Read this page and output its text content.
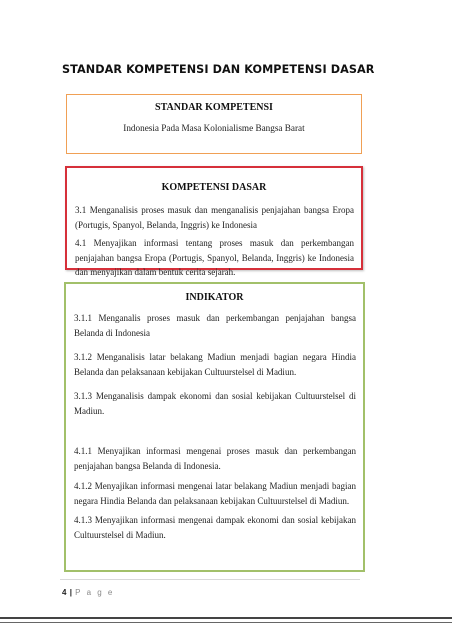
STANDAR KOMPETENSI DAN KOMPETENSI DASAR
STANDAR KOMPETENSI
Indonesia Pada Masa Kolonialisme Bangsa Barat
KOMPETENSI DASAR
3.1 Menganalisis proses masuk dan menganalisis penjajahan bangsa Eropa (Portugis, Spanyol, Belanda, Inggris) ke Indonesia
4.1 Menyajikan informasi tentang proses masuk dan perkembangan penjajahan bangsa Eropa (Portugis, Spanyol, Belanda, Inggris) ke Indonesia dan menyajikan dalam bentuk cerita sejarah.
INDIKATOR
3.1.1 Menganalis proses masuk dan perkembangan penjajahan bangsa Belanda di Indonesia
3.1.2 Menganalisis latar belakang Madiun menjadi bagian negara Hindia Belanda dan pelaksanaan kebijakan Cultuurstelsel di Madiun.
3.1.3 Menganalisis dampak ekonomi dan sosial kebijakan Cultuurstelsel di Madiun.
4.1.1 Menyajikan informasi mengenai proses masuk dan perkembangan penjajahan bangsa Belanda di Indonesia.
4.1.2 Menyajikan informasi mengenai latar belakang Madiun menjadi bagian negara Hindia Belanda dan pelaksanaan kebijakan Cultuurstelsel di Madiun.
4.1.3 Menyajikan informasi mengenai dampak ekonomi dan sosial kebijakan Cultuurstelsel di Madiun.
4 | P a g e
